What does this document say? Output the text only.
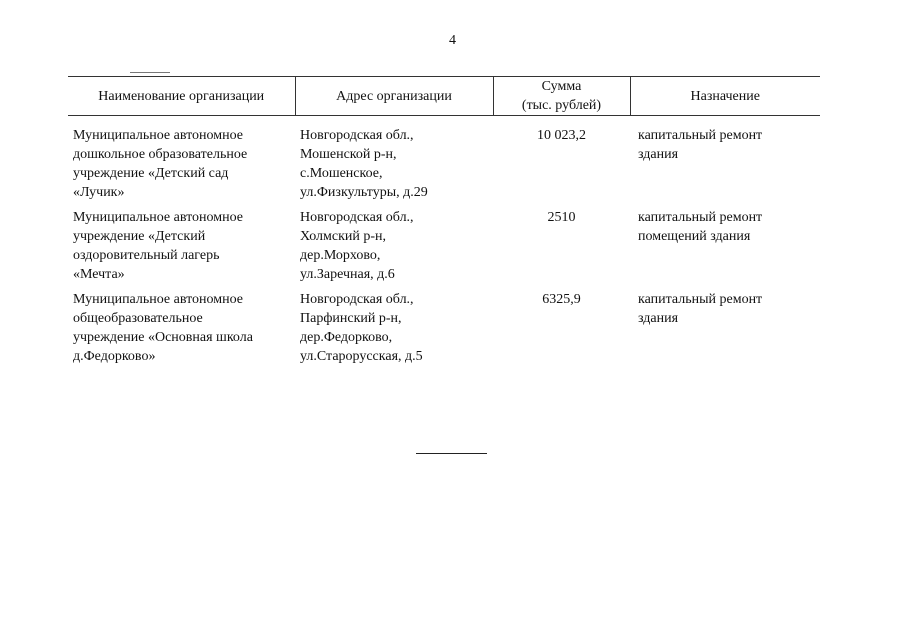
4
Наименование организации	Адрес организации	Сумма
(тыс. рублей)	Назначение

Муниципальное автономное
дошкольное образовательное
учреждение «Детский сад
«Лучик»	Новгородская обл.,
Мошенской р-н,
с.Мошенское,
ул.Физкультуры, д.29	10 023,2	капитальный ремонт
здания

Муниципальное автономное
учреждение «Детский
оздоровительный лагерь
«Мечта»	Новгородская обл.,
Холмский р-н,
дер.Морхово,
ул.Заречная, д.6	2510	капитальный ремонт
помещений здания

Муниципальное автономное
общеобразовательное
учреждение «Основная школа
д.Федорково»	Новгородская обл.,
Парфинский р-н,
дер.Федорково,
ул.Старорусская, д.5	6325,9	капитальный ремонт
здания
